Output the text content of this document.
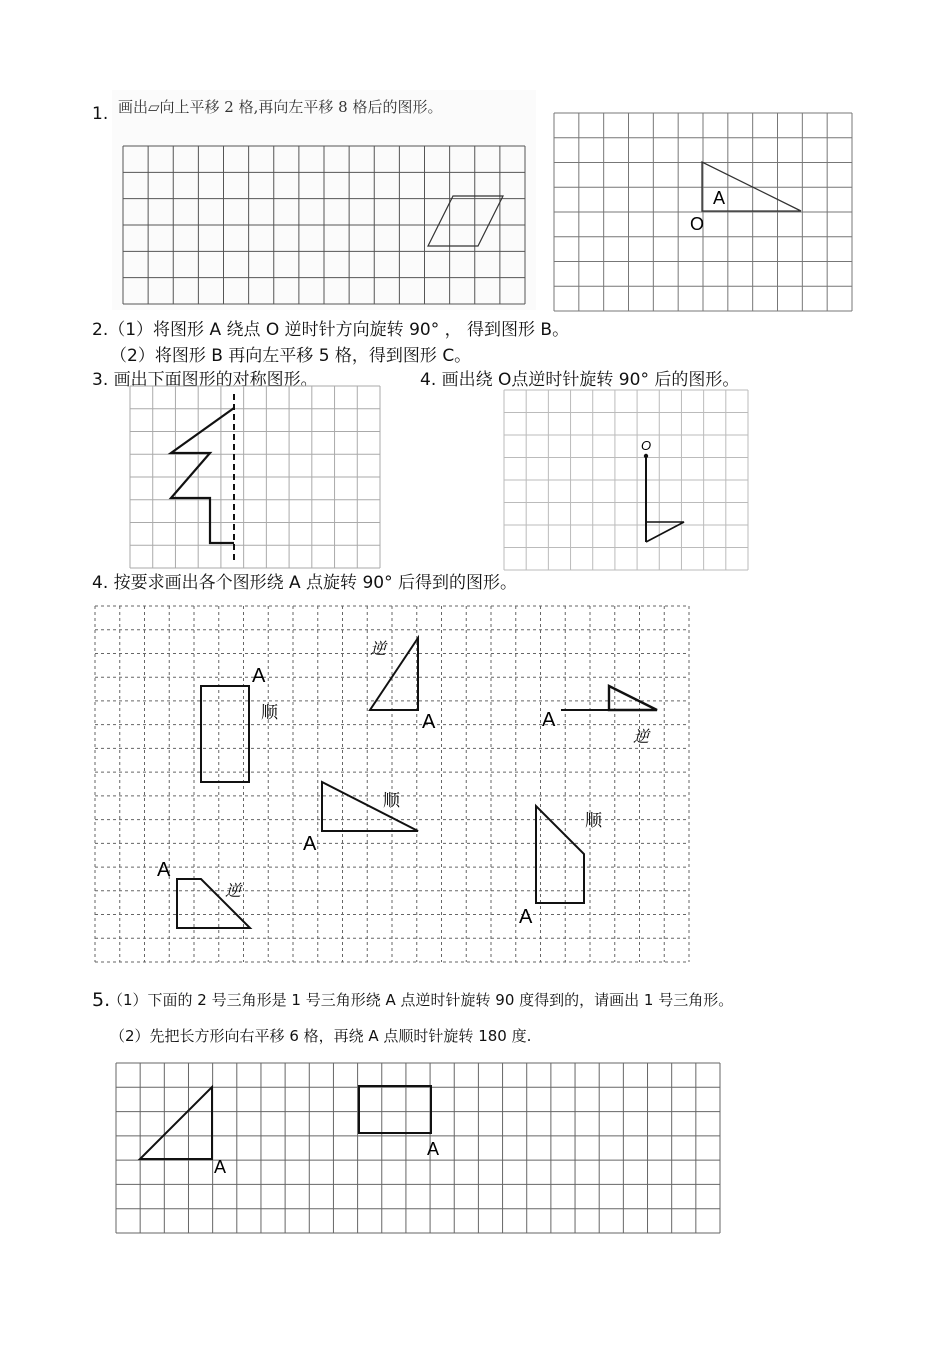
1. 画出▱向上平移 2 格,再向左平移 8 格后的图形。
A
O
2.（1）将图形 A 绕点 O 逆时针方向旋转 90° ， 得到图形 B。
（2）将图形 B 再向左平移 5 格，得到图形 C。
3. 画出下面图形的对称图形。	4. 画出绕 O点逆时针旋转 90° 后的图形。
O
4. 按要求画出各个图形绕 A 点旋转 90° 后得到的图形。
A
顺	A
逆
A
逆
A
顺
A
顺
A
逆
5.
（1）下面的 2 号三角形是 1 号三角形绕 A 点逆时针旋转 90 度得到的，请画出 1 号三角形。
（2）先把长方形向右平移 6 格，再绕 A 点顺时针旋转 180 度.
A
A
